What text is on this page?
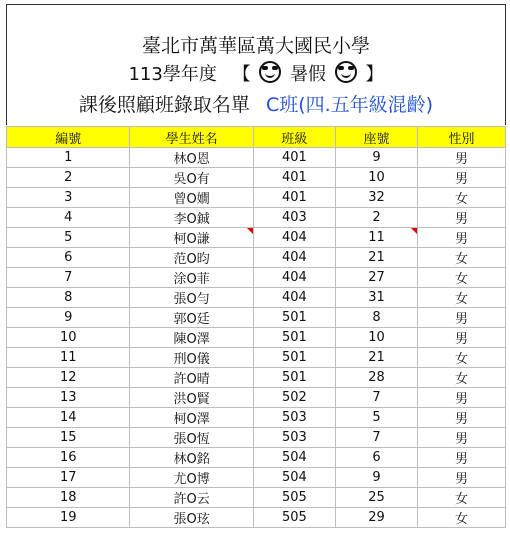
臺北市萬華區萬大國民小學
113學年度 【 暑假 】
課後照顧班錄取名單 C班(四.五年級混齡)
編號	學生姓名	班級	座號	性別
1	林O恩	401	9	男
2	吳O有	401	10	男
3	曾O嫺	401	32	女
4	李O鋮	403	2	男
5	柯O謙	404	11	男
6	范O昀	404	21	女
7	涂O菲	404	27	女
8	張O勻	404	31	女
9	郭O廷	501	8	男
10	陳O澤	501	10	男
11	刑O儀	501	21	女
12	許O晴	501	28	女
13	洪O賢	502	7	男
14	柯O澤	503	5	男
15	張O恆	503	7	男
16	林O銘	504	6	男
17	尤O博	504	9	男
18	許O云	505	25	女
19	張O玹	505	29	女
